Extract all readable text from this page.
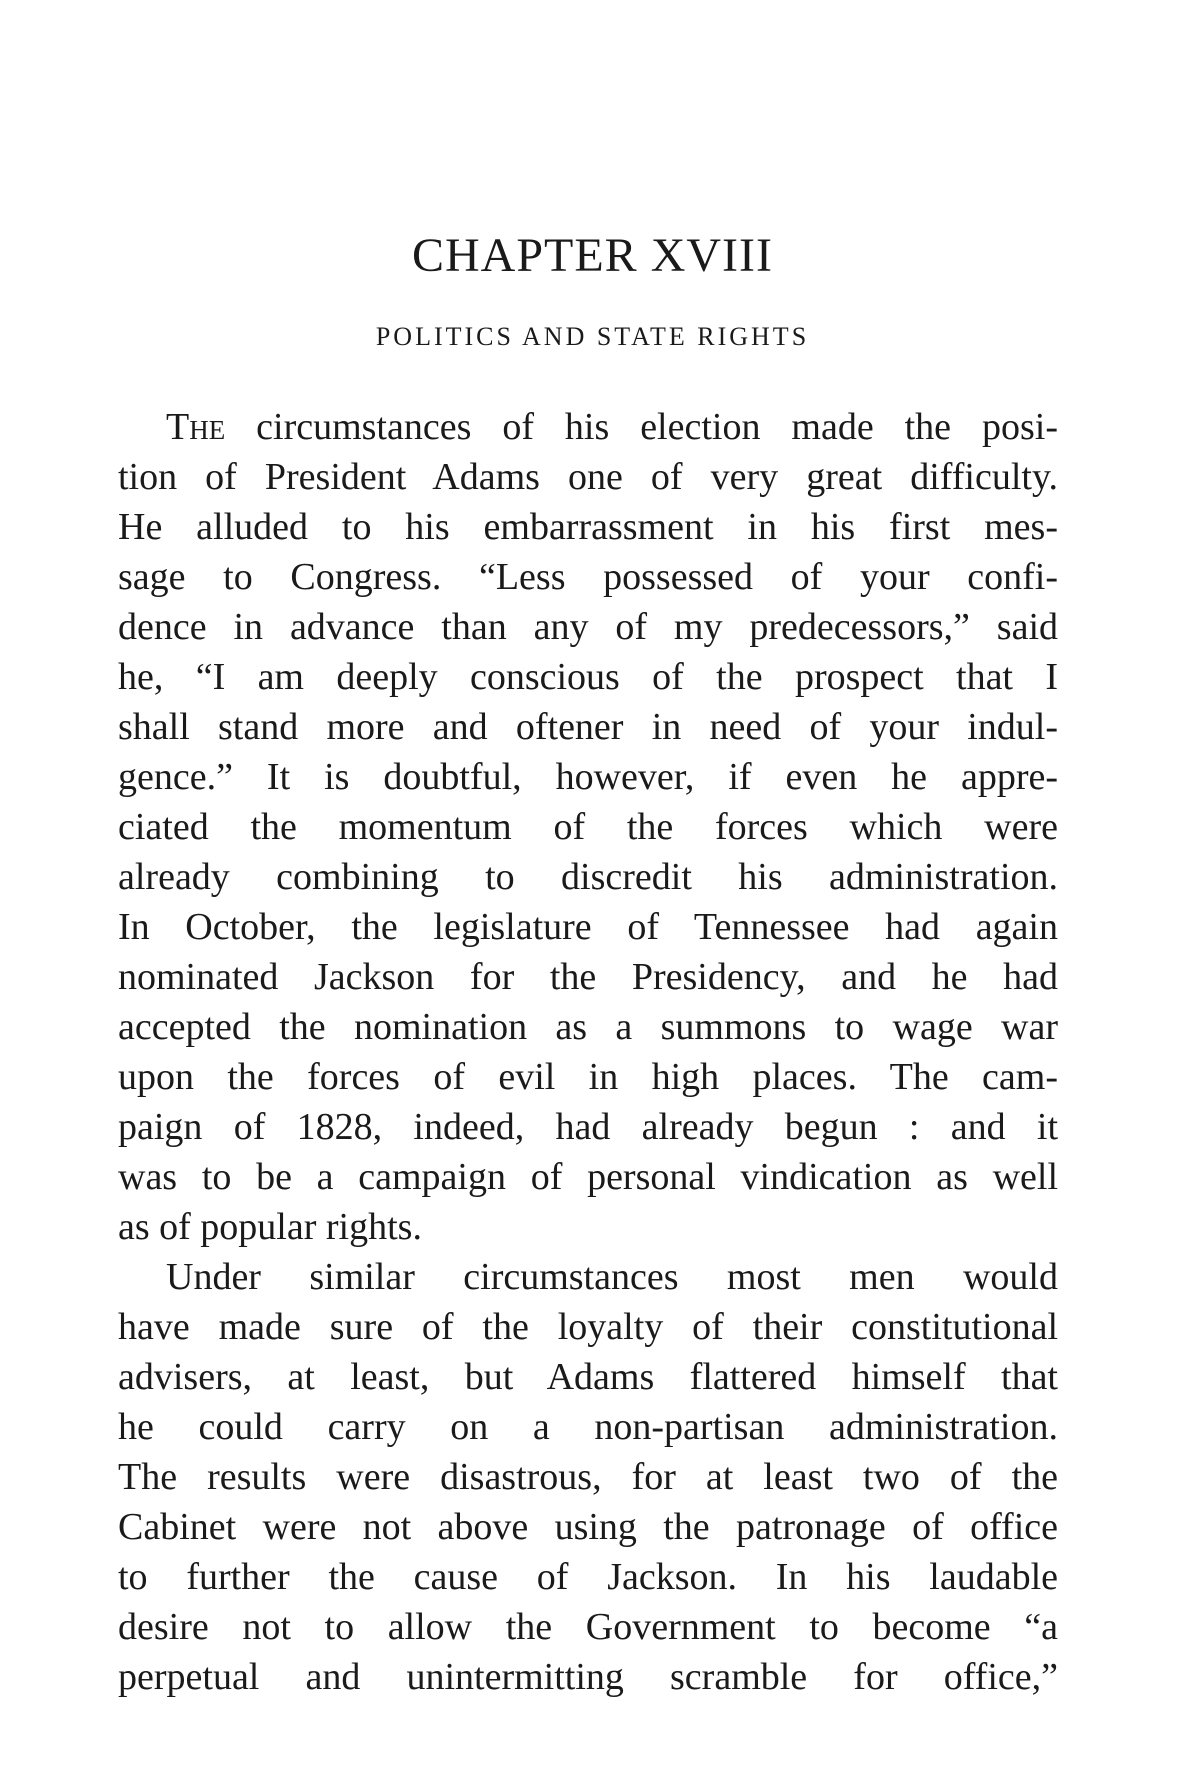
CHAPTER XVIII
POLITICS AND STATE RIGHTS
The circumstances of his election made the posi-
tion of President Adams one of very great difficulty.
He alluded to his embarrassment in his first mes-
sage to Congress. “Less possessed of your confi-
dence in advance than any of my predecessors,” said
he, “I am deeply conscious of the prospect that I
shall stand more and oftener in need of your indul-
gence.” It is doubtful, however, if even he appre-
ciated the momentum of the forces which were
already combining to discredit his administration.
In October, the legislature of Tennessee had again
nominated Jackson for the Presidency, and he had
accepted the nomination as a summons to wage war
upon the forces of evil in high places. The cam-
paign of 1828, indeed, had already begun : and it
was to be a campaign of personal vindication as well
as of popular rights.
Under similar circumstances most men would
have made sure of the loyalty of their constitutional
advisers, at least, but Adams flattered himself that
he could carry on a non-partisan administration.
The results were disastrous, for at least two of the
Cabinet were not above using the patronage of office
to further the cause of Jackson. In his laudable
desire not to allow the Government to become “a
perpetual and unintermitting scramble for office,”
